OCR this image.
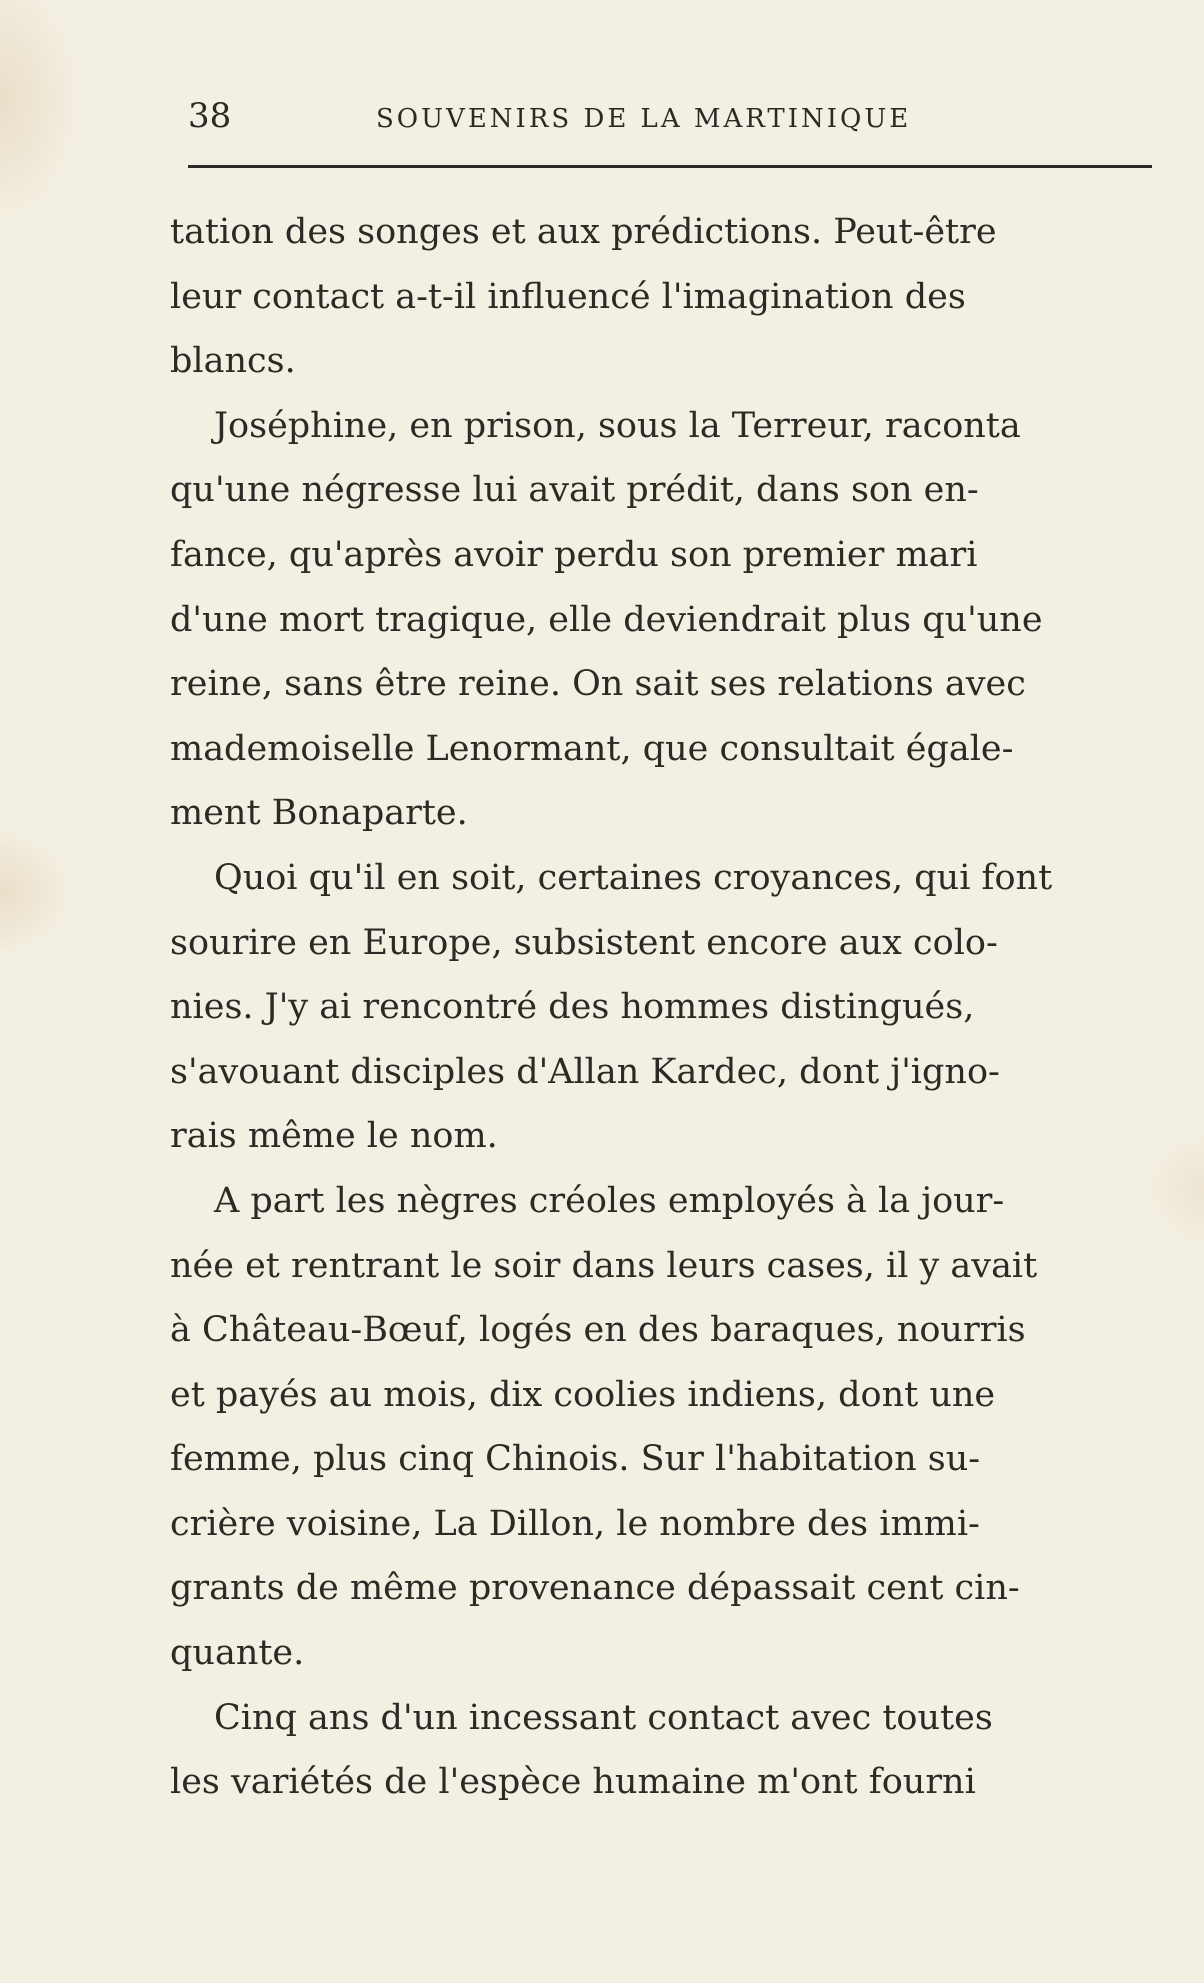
38	SOUVENIRS DE LA MARTINIQUE

tation des songes et aux prédictions. Peut-être
leur contact a-t-il influencé l'imagination des
blancs.

Joséphine, en prison, sous la Terreur, raconta
qu'une négresse lui avait prédit, dans son en-
fance, qu'après avoir perdu son premier mari
d'une mort tragique, elle deviendrait plus qu'une
reine, sans être reine. On sait ses relations avec
mademoiselle Lenormant, que consultait égale-
ment Bonaparte.

Quoi qu'il en soit, certaines croyances, qui font
sourire en Europe, subsistent encore aux colo-
nies. J'y ai rencontré des hommes distingués,
s'avouant disciples d'Allan Kardec, dont j'igno-
rais même le nom.

A part les nègres créoles employés à la jour-
née et rentrant le soir dans leurs cases, il y avait
à Château-Bœuf, logés en des baraques, nourris
et payés au mois, dix coolies indiens, dont une
femme, plus cinq Chinois. Sur l'habitation su-
crière voisine, La Dillon, le nombre des immi-
grants de même provenance dépassait cent cin-
quante.

Cinq ans d'un incessant contact avec toutes
les variétés de l'espèce humaine m'ont fourni
